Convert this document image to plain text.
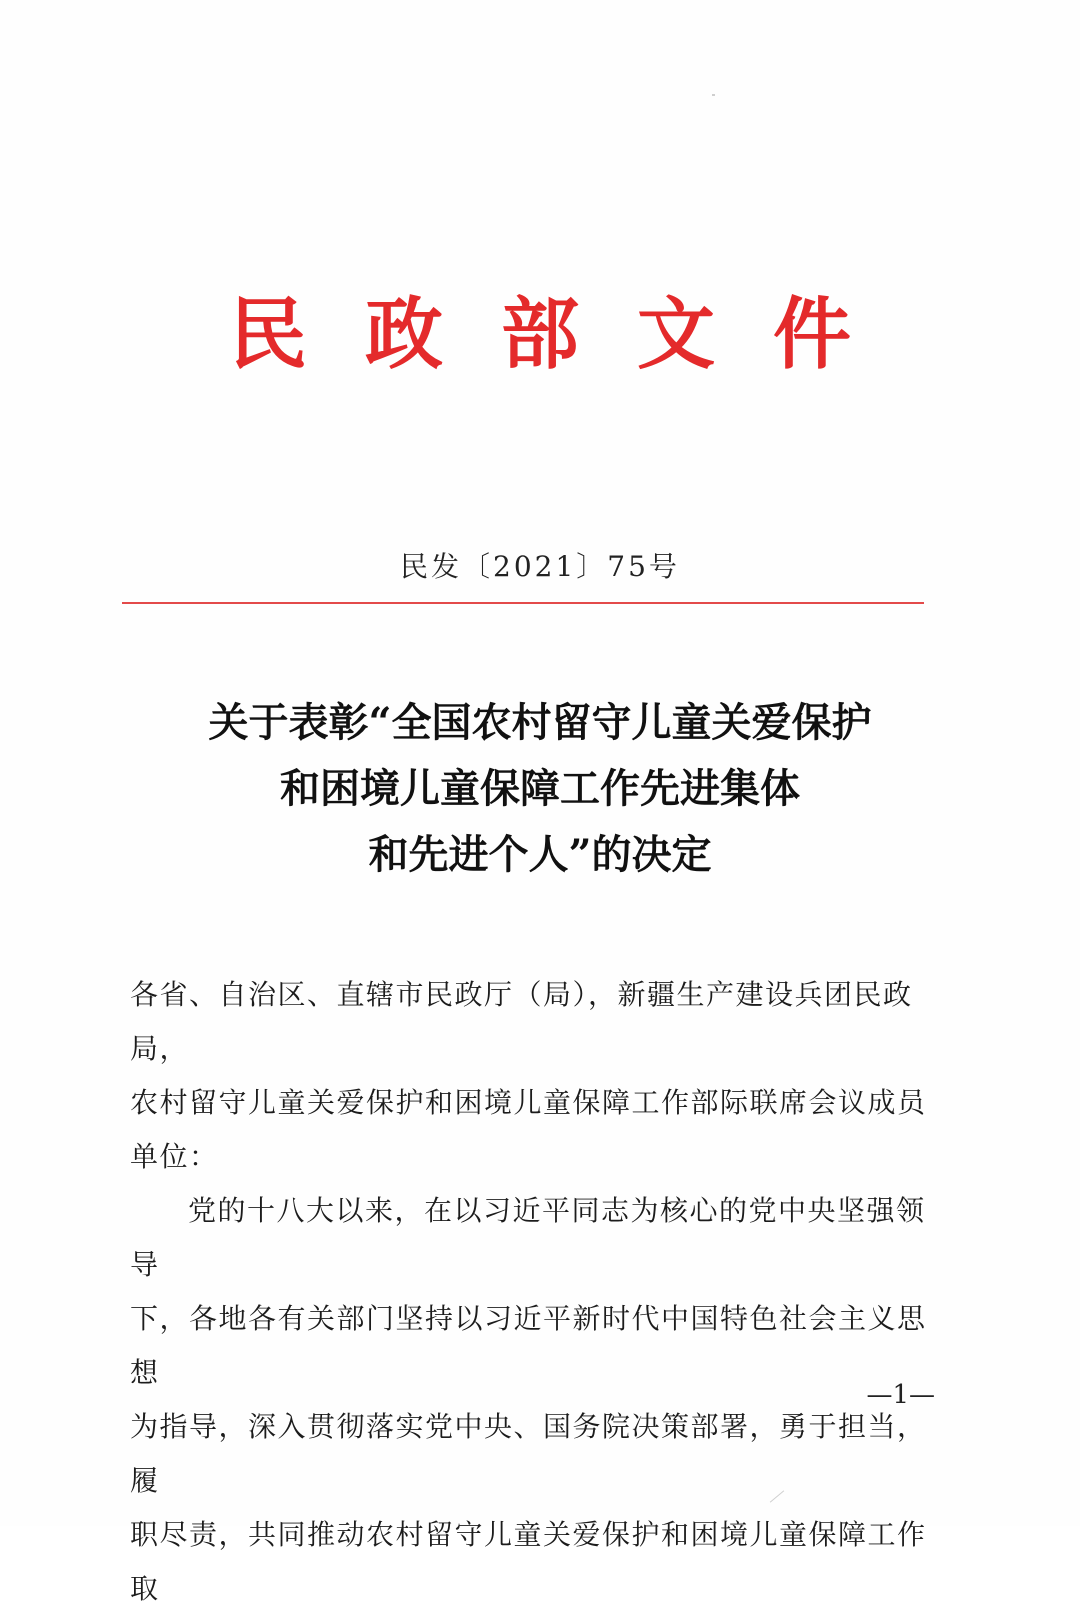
民 政 部 文 件
民发〔2021〕75号
关于表彰“全国农村留守儿童关爱保护
和困境儿童保障工作先进集体
和先进个人”的决定

各省、自治区、直辖市民政厅（局），新疆生产建设兵团民政局，

农村留守儿童关爱保护和困境儿童保障工作部际联席会议成员

单位：

党的十八大以来，在以习近平同志为核心的党中央坚强领导

下，各地各有关部门坚持以习近平新时代中国特色社会主义思想

为指导，深入贯彻落实党中央、国务院决策部署，勇于担当，履

职尽责，共同推动农村留守儿童关爱保护和困境儿童保障工作取

—1—
